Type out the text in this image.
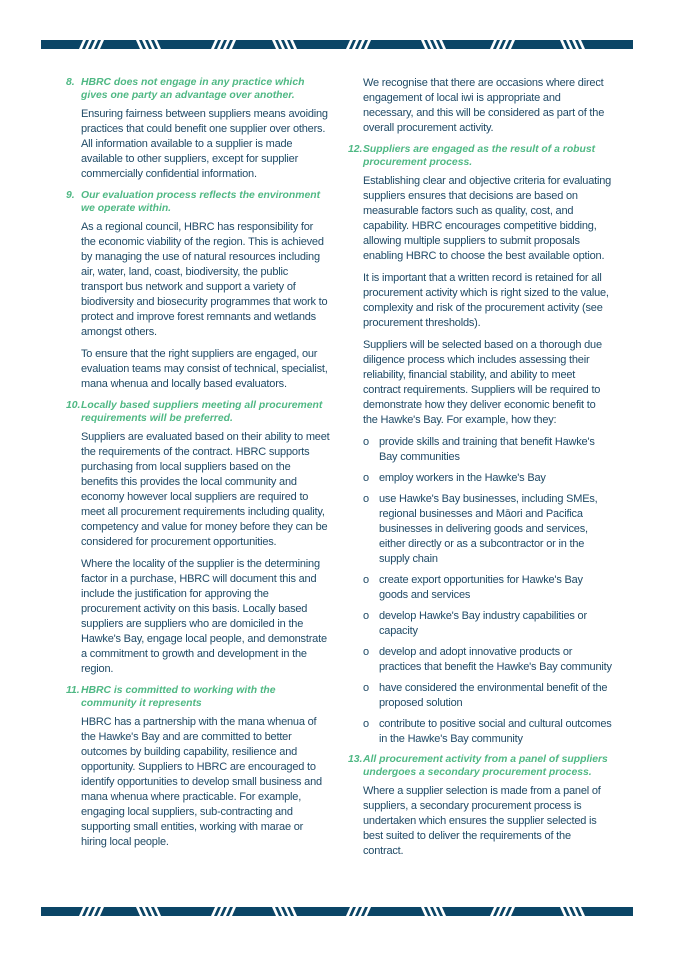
8. HBRC does not engage in any practice which gives one party an advantage over another.
Ensuring fairness between suppliers means avoiding practices that could benefit one supplier over others. All information available to a supplier is made available to other suppliers, except for supplier commercially confidential information.
9. Our evaluation process reflects the environment we operate within.
As a regional council, HBRC has responsibility for the economic viability of the region. This is achieved by managing the use of natural resources including air, water, land, coast, biodiversity, the public transport bus network and support a variety of biodiversity and biosecurity programmes that work to protect and improve forest remnants and wetlands amongst others.
To ensure that the right suppliers are engaged, our evaluation teams may consist of technical, specialist, mana whenua and locally based evaluators.
10. Locally based suppliers meeting all procurement requirements will be preferred.
Suppliers are evaluated based on their ability to meet the requirements of the contract. HBRC supports purchasing from local suppliers based on the benefits this provides the local community and economy however local suppliers are required to meet all procurement requirements including quality, competency and value for money before they can be considered for procurement opportunities.
Where the locality of the supplier is the determining factor in a purchase, HBRC will document this and include the justification for approving the procurement activity on this basis. Locally based suppliers are suppliers who are domiciled in the Hawke's Bay, engage local people, and demonstrate a commitment to growth and development in the region.
11. HBRC is committed to working with the community it represents
HBRC has a partnership with the mana whenua of the Hawke's Bay and are committed to better outcomes by building capability, resilience and opportunity. Suppliers to HBRC are encouraged to identify opportunities to develop small business and mana whenua where practicable. For example, engaging local suppliers, sub-contracting and supporting small entities, working with marae or hiring local people.
We recognise that there are occasions where direct engagement of local iwi is appropriate and necessary, and this will be considered as part of the overall procurement activity.
12. Suppliers are engaged as the result of a robust procurement process.
Establishing clear and objective criteria for evaluating suppliers ensures that decisions are based on measurable factors such as quality, cost, and capability. HBRC encourages competitive bidding, allowing multiple suppliers to submit proposals enabling HBRC to choose the best available option.
It is important that a written record is retained for all procurement activity which is right sized to the value, complexity and risk of the procurement activity (see procurement thresholds).
Suppliers will be selected based on a thorough due diligence process which includes assessing their reliability, financial stability, and ability to meet contract requirements. Suppliers will be required to demonstrate how they deliver economic benefit to the Hawke's Bay. For example, how they:
o provide skills and training that benefit Hawke's Bay communities
o employ workers in the Hawke's Bay
o use Hawke's Bay businesses, including SMEs, regional businesses and Māori and Pacifica businesses in delivering goods and services, either directly or as a subcontractor or in the supply chain
o create export opportunities for Hawke's Bay goods and services
o develop Hawke's Bay industry capabilities or capacity
o develop and adopt innovative products or practices that benefit the Hawke's Bay community
o have considered the environmental benefit of the proposed solution
o contribute to positive social and cultural outcomes in the Hawke's Bay community
13. All procurement activity from a panel of suppliers undergoes a secondary procurement process.
Where a supplier selection is made from a panel of suppliers, a secondary procurement process is undertaken which ensures the supplier selected is best suited to deliver the requirements of the contract.
